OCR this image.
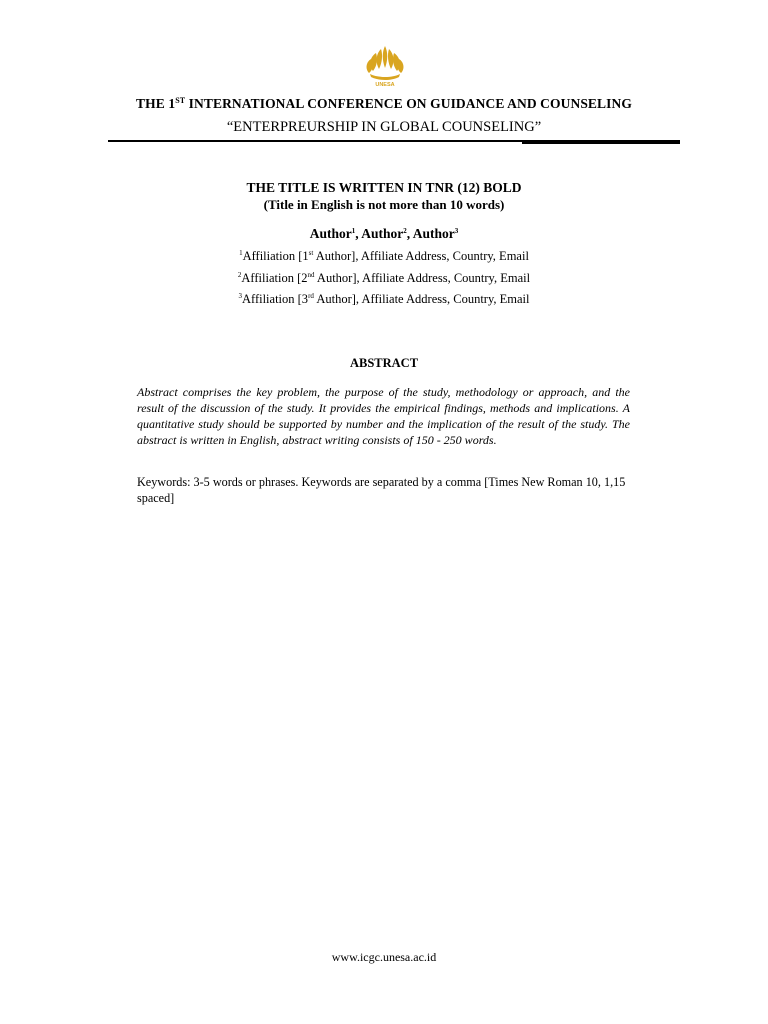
UNESA
THE 1ST INTERNATIONAL CONFERENCE ON GUIDANCE AND COUNSELING
“ENTERPREURSHIP IN GLOBAL COUNSELING”
THE TITLE IS WRITTEN IN TNR (12) BOLD
(Title in English is not more than 10 words)
Author$^1$, Author$^2$, Author$^3$
$^1$Affiliation [1st Author], Affiliate Address, Country, Email
$^2$Affiliation [2nd Author], Affiliate Address, Country, Email
$^3$Affiliation [3rd Author], Affiliate Address, Country, Email
ABSTRACT

Abstract comprises the key problem, the purpose of the study, methodology or approach, and the result of the discussion of the study. It provides the empirical findings, methods and implications. A quantitative study should be supported by number and the implication of the result of the study. The abstract is written in English, abstract writing consists of 150 - 250 words.

Keywords: 3-5 words or phrases. Keywords are separated by a comma [Times New Roman 10, 1,15 spaced]

www.icgc.unesa.ac.id
